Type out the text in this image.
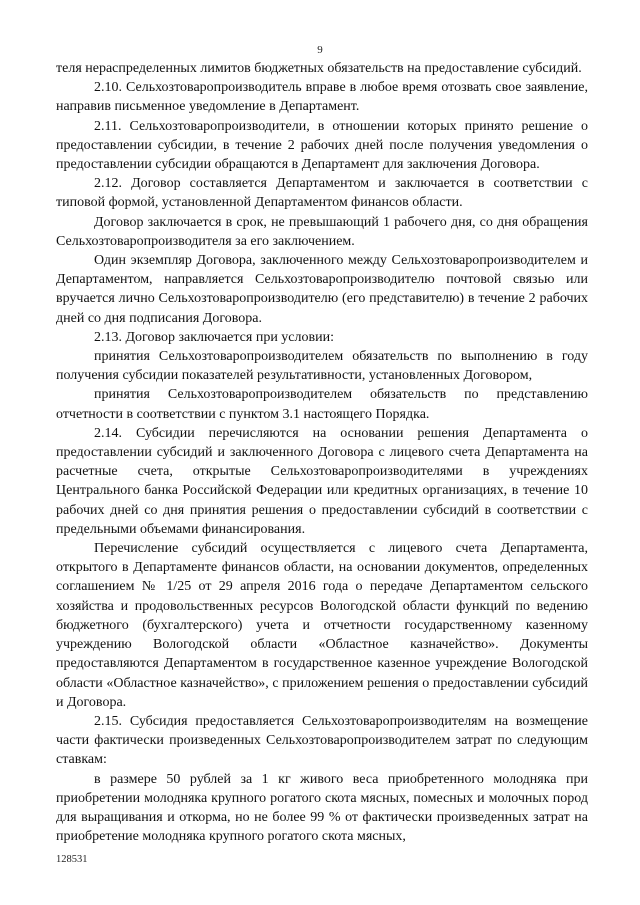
9

теля нераспределенных лимитов бюджетных обязательств на предоставление субсидий.

2.10. Сельхозтоваропроизводитель вправе в любое время отозвать свое заявление, направив письменное уведомление в Департамент.

2.11. Сельхозтоваропроизводители, в отношении которых принято решение о предоставлении субсидии, в течение 2 рабочих дней после получения уведомления о предоставлении субсидии обращаются в Департамент для заключения Договора.

2.12. Договор составляется Департаментом и заключается в соответствии с типовой формой, установленной Департаментом финансов области.

Договор заключается в срок, не превышающий 1 рабочего дня, со дня обращения Сельхозтоваропроизводителя за его заключением.

Один экземпляр Договора, заключенного между Сельхозтоваропроизводителем и Департаментом, направляется Сельхозтоваропроизводителю почтовой связью или вручается лично Сельхозтоваропроизводителю (его представителю) в течение 2 рабочих дней со дня подписания Договора.

2.13. Договор заключается при условии:

принятия Сельхозтоваропроизводителем обязательств по выполнению в году получения субсидии показателей результативности, установленных Договором,

принятия Сельхозтоваропроизводителем обязательств по представлению отчетности в соответствии с пунктом 3.1 настоящего Порядка.

2.14. Субсидии перечисляются на основании решения Департамента о предоставлении субсидий и заключенного Договора с лицевого счета Департамента на расчетные счета, открытые Сельхозтоваропроизводителями в учреждениях Центрального банка Российской Федерации или кредитных организациях, в течение 10 рабочих дней со дня принятия решения о предоставлении субсидий в соответствии с предельными объемами финансирования.

Перечисление субсидий осуществляется с лицевого счета Департамента, открытого в Департаменте финансов области, на основании документов, определенных соглашением № 1/25 от 29 апреля 2016 года о передаче Департаментом сельского хозяйства и продовольственных ресурсов Вологодской области функций по ведению бюджетного (бухгалтерского) учета и отчетности государственному казенному учреждению Вологодской области «Областное казначейство». Документы предоставляются Департаментом в государственное казенное учреждение Вологодской области «Областное казначейство», с приложением решения о предоставлении субсидий и Договора.

2.15. Субсидия предоставляется Сельхозтоваропроизводителям на возмещение части фактически произведенных Сельхозтоваропроизводителем затрат по следующим ставкам:

в размере 50 рублей за 1 кг живого веса приобретенного молодняка при приобретении молодняка крупного рогатого скота мясных, помесных и молочных пород для выращивания и откорма, но не более 99 % от фактически произведенных затрат на приобретение молодняка крупного рогатого скота мясных,

128531
